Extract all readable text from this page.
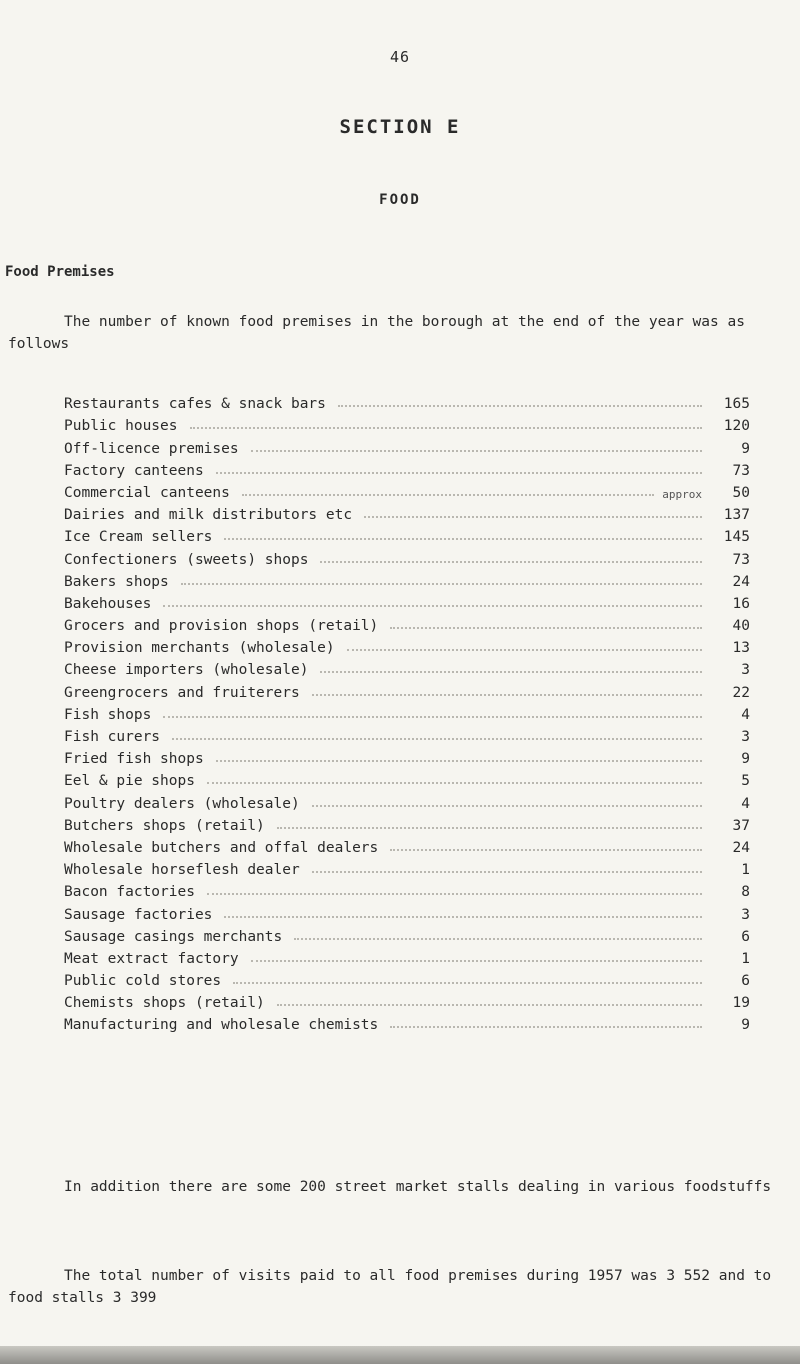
46
SECTION E
FOOD
Food Premises
The number of known food premises in the borough at the end of the year was as follows
Restaurants cafes & snack bars	165
Public houses	120
Off-licence premises	9
Factory canteens	73
Commercial canteens	approx	50
Dairies and milk distributors etc	137
Ice Cream sellers	145
Confectioners (sweets) shops	73
Bakers shops	24
Bakehouses	16
Grocers and provision shops (retail)	40
Provision merchants (wholesale)	13
Cheese importers (wholesale)	3
Greengrocers and fruiterers	22
Fish shops	4
Fish curers	3
Fried fish shops	9
Eel & pie shops	5
Poultry dealers (wholesale)	4
Butchers shops (retail)	37
Wholesale butchers and offal dealers	24
Wholesale horseflesh dealer	1
Bacon factories	8
Sausage factories	3
Sausage casings merchants	6
Meat extract factory	1
Public cold stores	6
Chemists shops (retail)	19
Manufacturing and wholesale chemists	9
In addition there are some 200 street market stalls dealing in various foodstuffs
The total number of visits paid to all food premises during 1957 was 3 552 and to food stalls 3 399
